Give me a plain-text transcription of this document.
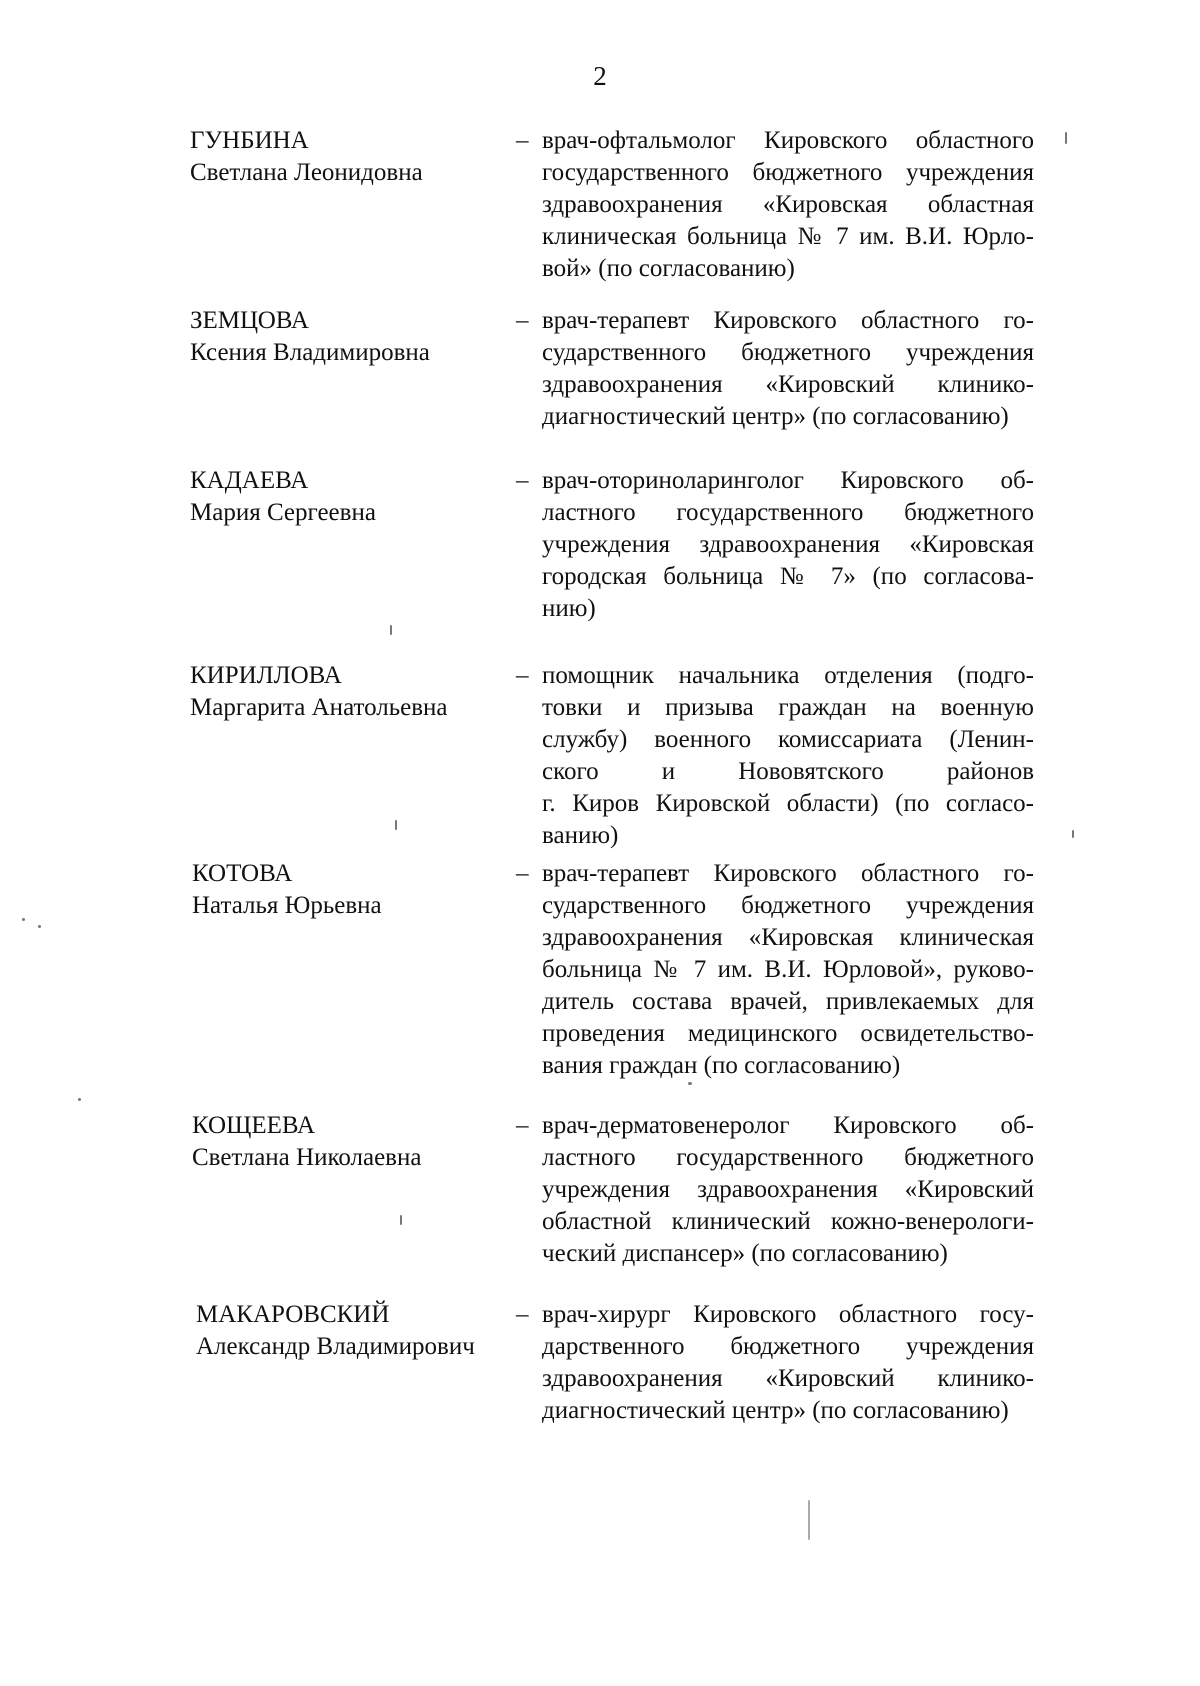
2
ГУНБИНА
Светлана Леонидовна
– врач-офтальмолог Кировского областного
государственного бюджетного учреждения
здравоохранения «Кировская областная
клиническая больница № 7 им. В.И. Юрло-
вой» (по согласованию)
ЗЕМЦОВА
Ксения Владимировна
– врач-терапевт Кировского областного го-
сударственного бюджетного учреждения
здравоохранения «Кировский клинико-
диагностический центр» (по согласованию)
КАДАЕВА
Мария Сергеевна
– врач-оториноларинголог Кировского об-
ластного государственного бюджетного
учреждения здравоохранения «Кировская
городская больница № 7» (по согласова-
нию)
КИРИЛЛОВА
Маргарита Анатольевна
– помощник начальника отделения (подго-
товки и призыва граждан на военную
службу) военного комиссариата (Ленин-
ского и Нововятского районов
г. Киров Кировской области) (по согласо-
ванию)
КОТОВА
Наталья Юрьевна
– врач-терапевт Кировского областного го-
сударственного бюджетного учреждения
здравоохранения «Кировская клиническая
больница № 7 им. В.И. Юрловой», руково-
дитель состава врачей, привлекаемых для
проведения медицинского освидетельство-
вания граждан (по согласованию)
КОЩЕЕВА
Светлана Николаевна
– врач-дерматовенеролог Кировского об-
ластного государственного бюджетного
учреждения здравоохранения «Кировский
областной клинический кожно-венерологи-
ческий диспансер» (по согласованию)
МАКАРОВСКИЙ
Александр Владимирович
– врач-хирург Кировского областного госу-
дарственного бюджетного учреждения
здравоохранения «Кировский клинико-
диагностический центр» (по согласованию)
